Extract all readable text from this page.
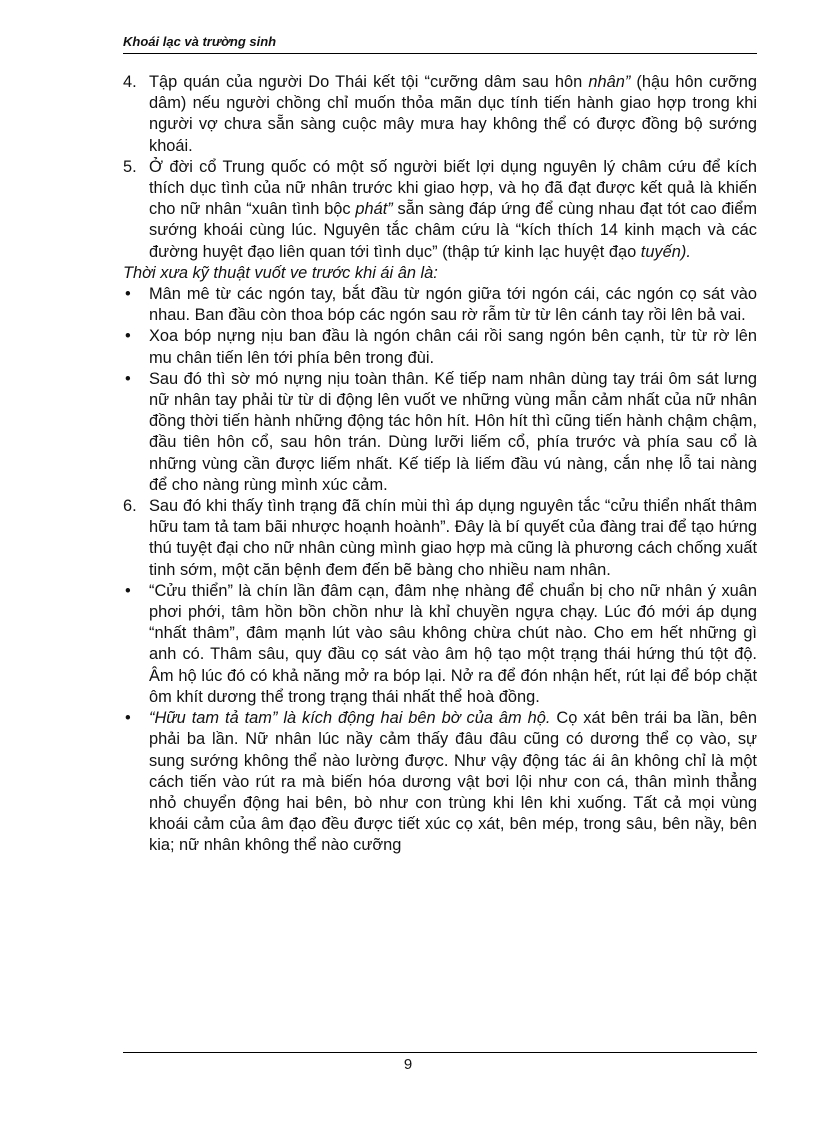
Khoái lạc và trường sinh

4. Tập quán của người Do Thái kết tội “cưỡng dâm sau hôn nhân” (hậu hôn cưỡng dâm) nếu người chồng chỉ muốn thỏa mãn dục tính tiến hành giao hợp trong khi người vợ chưa sẵn sàng cuộc mây mưa hay không thể có được đồng bộ sướng khoái.

5. Ở đời cổ Trung quốc có một số người biết lợi dụng nguyên lý châm cứu để kích thích dục tình của nữ nhân trước khi giao hợp, và họ đã đạt được kết quả là khiến cho nữ nhân “xuân tình bộc phát” sẵn sàng đáp ứng để cùng nhau đạt tót cao điểm sướng khoái cùng lúc. Nguyên tắc châm cứu là “kích thích 14 kinh mạch và các đường huyệt đạo liên quan tới tình dục” (thập tứ kinh lạc huyệt đạo tuyến).

Thời xưa kỹ thuật vuốt ve trước khi ái ân là:

• Mân mê từ các ngón tay, bắt đầu từ ngón giữa tới ngón cái, các ngón cọ sát vào nhau. Ban đầu còn thoa bóp các ngón sau rờ rẫm từ từ lên cánh tay rồi lên bả vai.

• Xoa bóp nựng nịu ban đầu là ngón chân cái rồi sang ngón bên cạnh, từ từ rờ lên mu chân tiến lên tới phía bên trong đùi.

• Sau đó thì sờ mó nựng nịu toàn thân. Kế tiếp nam nhân dùng tay trái ôm sát lưng nữ nhân tay phải từ từ di động lên vuốt ve những vùng mẫn cảm nhất của nữ nhân đồng thời tiến hành những động tác hôn hít. Hôn hít thì cũng tiến hành chậm chậm, đầu tiên hôn cổ, sau hôn trán. Dùng lưỡi liếm cổ, phía trước và phía sau cổ là những vùng cần được liếm nhất. Kế tiếp là liếm đầu vú nàng, cắn nhẹ lỗ tai nàng để cho nàng rùng mình xúc cảm.

6. Sau đó khi thấy tình trạng đã chín mùi thì áp dụng nguyên tắc “cửu thiển nhất thâm hữu tam tả tam bãi nhược hoạnh hoành”. Đây là bí quyết của đàng trai để tạo hứng thú tuyệt đại cho nữ nhân cùng mình giao hợp mà cũng là phương cách chống xuất tinh sớm, một căn bệnh đem đến bẽ bàng cho nhiều nam nhân.

• “Cửu thiển” là chín lần đâm cạn, đâm nhẹ nhàng để chuẩn bị cho nữ nhân ý xuân phơi phới, tâm hồn bồn chồn như là khỉ chuyền ngựa chạy. Lúc đó mới áp dụng “nhất thâm”, đâm mạnh lút vào sâu không chừa chút nào. Cho em hết những gì anh có. Thâm sâu, quy đầu cọ sát vào âm hộ tạo một trạng thái hứng thú tột độ. Âm hộ lúc đó có khả năng mở ra bóp lại. Nở ra để đón nhận hết, rút lại để bóp chặt ôm khít dương thể trong trạng thái nhất thể hoà đồng.

• “Hữu tam tả tam” là kích động hai bên bờ của âm hộ. Cọ xát bên trái ba lần, bên phải ba lần. Nữ nhân lúc nầy cảm thấy đâu đâu cũng có dương thể cọ vào, sự sung sướng không thể nào lường được. Như vậy động tác ái ân không chỉ là một cách tiến vào rút ra mà biến hóa dương vật bơi lội như con cá, thân mình thẳng nhỏ chuyển động hai bên, bò như con trùng khi lên khi xuống. Tất cả mọi vùng khoái cảm của âm đạo đều được tiết xúc cọ xát, bên mép, trong sâu, bên nầy, bên kia; nữ nhân không thể nào cưỡng

9
